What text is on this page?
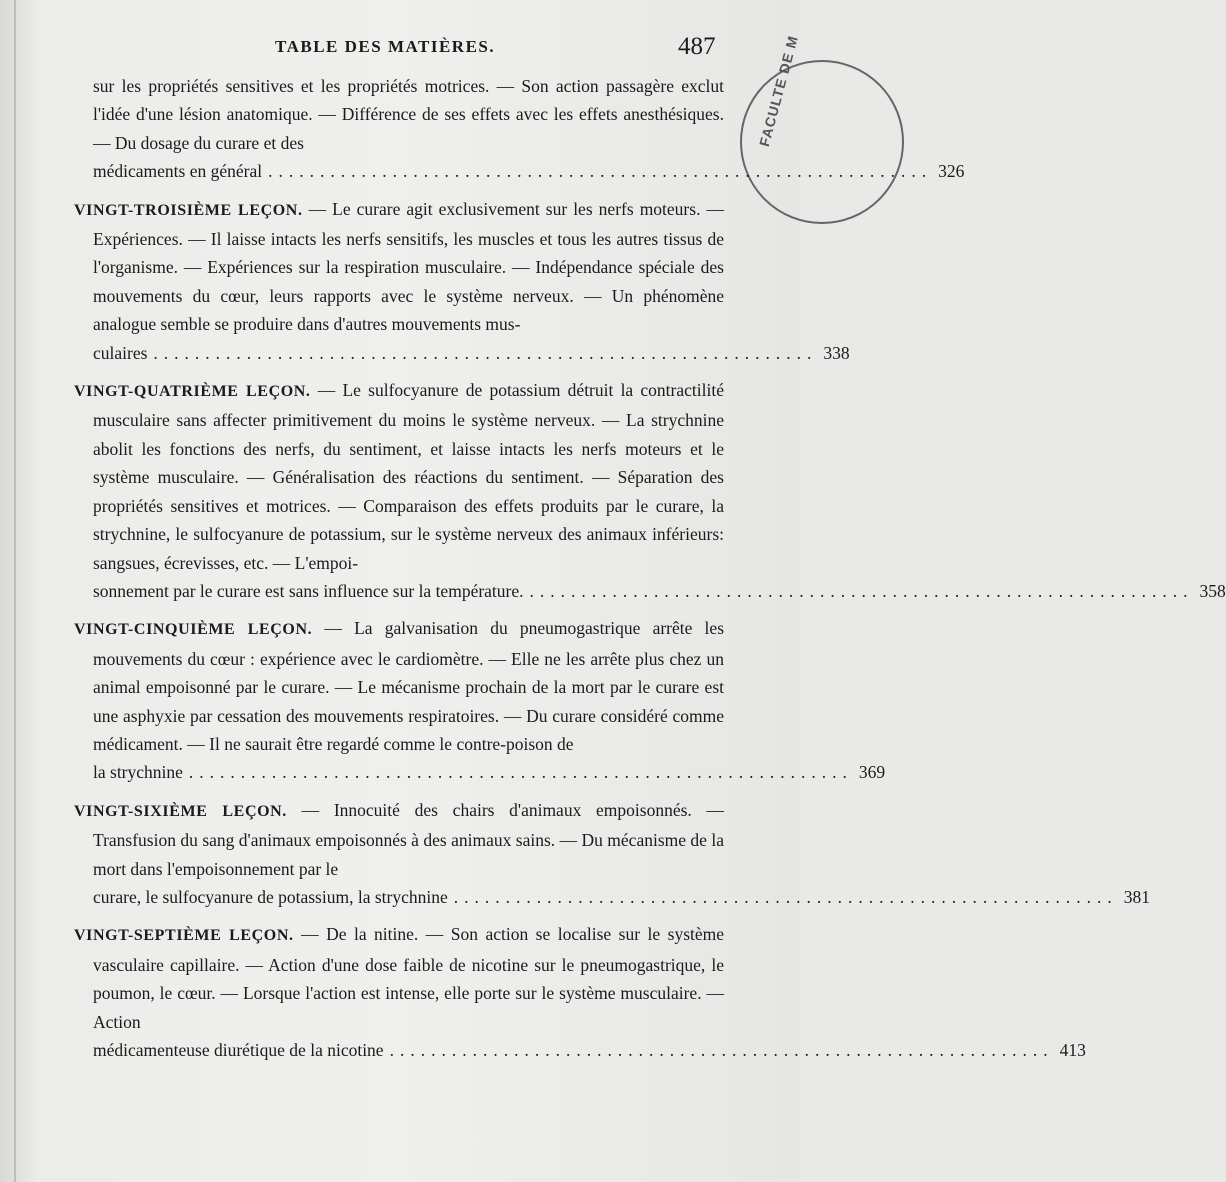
TABLE DES MATIÈRES.	487	FACULTE DE M
sur les propriétés sensitives et les propriétés motrices. — Son action passagère exclut l'idée d'une lésion anatomique. — Différence de ses effets avec les effets anesthésiques. — Du dosage du curare et des
médicaments en général ................................................................ 326
VINGT-TROISIÈME LEÇON. — Le curare agit exclusivement sur les nerfs moteurs. — Expériences. — Il laisse intacts les nerfs sensitifs, les muscles et tous les autres tissus de l'organisme. — Expériences sur la respiration musculaire. — Indépendance spéciale des mouvements du cœur, leurs rapports avec le système nerveux. — Un phénomène analogue semble se produire dans d'autres mouvements mus-
culaires ................................................................ 338
VINGT-QUATRIÈME LEÇON. — Le sulfocyanure de potassium détruit la contractilité musculaire sans affecter primitivement du moins le système nerveux. — La strychnine abolit les fonctions des nerfs, du sentiment, et laisse intacts les nerfs moteurs et le système musculaire. — Généralisation des réactions du sentiment. — Séparation des propriétés sensitives et motrices. — Comparaison des effets produits par le curare, la strychnine, le sulfocyanure de potassium, sur le système nerveux des animaux inférieurs: sangsues, écrevisses, etc. — L'empoi-
sonnement par le curare est sans influence sur la température. ................................................................ 358
VINGT-CINQUIÈME LEÇON. — La galvanisation du pneumogastrique arrête les mouvements du cœur : expérience avec le cardiomètre. — Elle ne les arrête plus chez un animal empoisonné par le curare. — Le mécanisme prochain de la mort par le curare est une asphyxie par cessation des mouvements respiratoires. — Du curare considéré comme médicament. — Il ne saurait être regardé comme le contre-poison de
la strychnine ................................................................ 369
VINGT-SIXIÈME LEÇON. — Innocuité des chairs d'animaux empoisonnés. — Transfusion du sang d'animaux empoisonnés à des animaux sains. — Du mécanisme de la mort dans l'empoisonnement par le
curare, le sulfocyanure de potassium, la strychnine ................................................................ 381
VINGT-SEPTIÈME LEÇON. — De la nitine. — Son action se localise sur le système vasculaire capillaire. — Action d'une dose faible de nicotine sur le pneumogastrique, le poumon, le cœur. — Lorsque l'action est intense, elle porte sur le système musculaire. — Action
médicamenteuse diurétique de la nicotine ................................................................ 413
